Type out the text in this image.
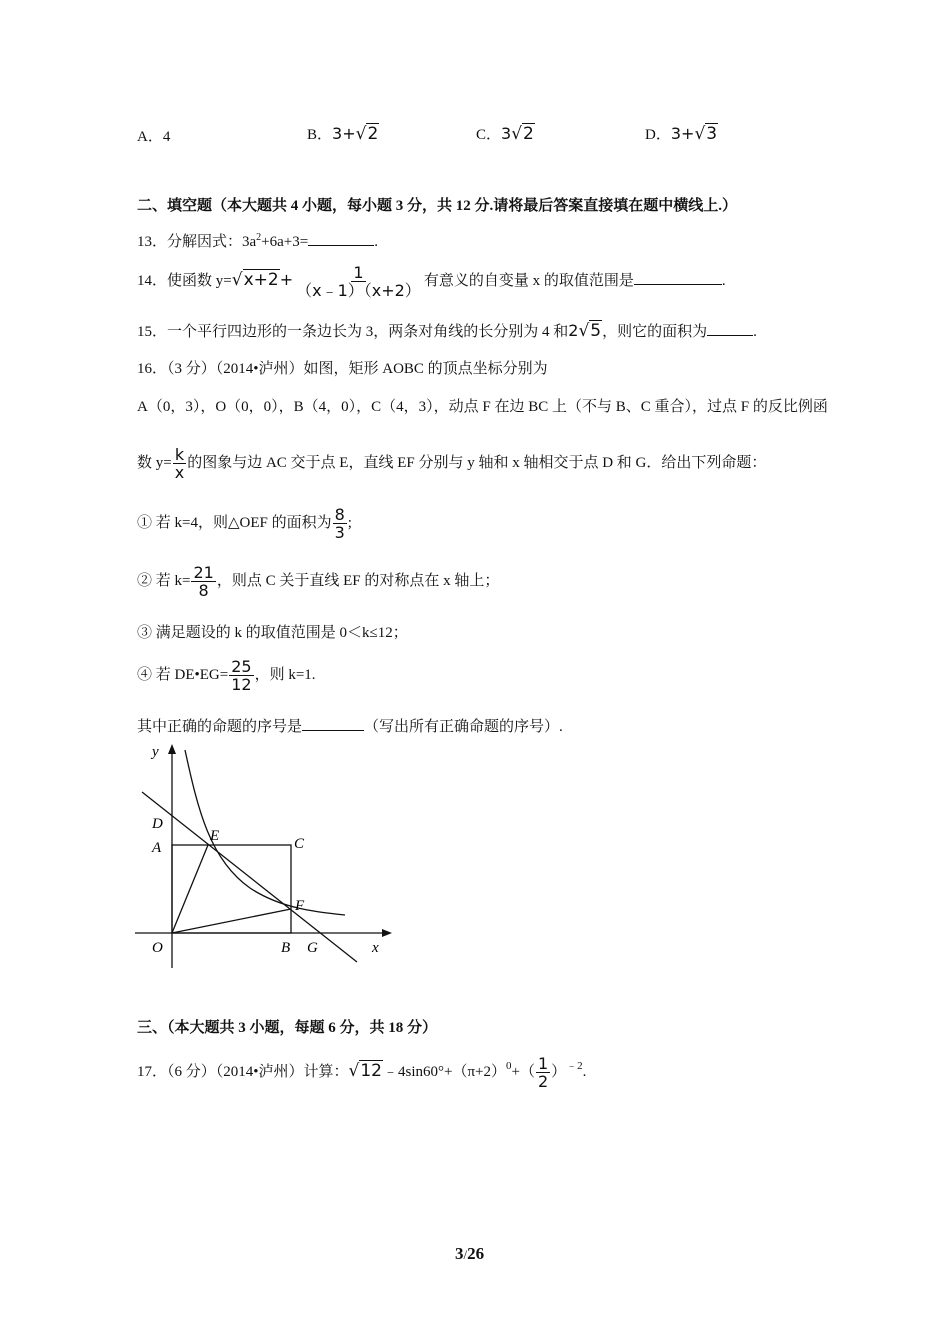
A．4	B．3+√2	C．3√2	D．3+√3
二、填空题（本大题共 4 小题，每小题 3 分，共 12 分.请将最后答案直接填在题中横线上.）
13．分解因式：$3a^2+6a+3=$	.
14．使函数 $y=√x+2+ \frac{1}{(x﹣1)(x+2)}$ 有意义的自变量 x 的取值范围是	.
15．一个平行四边形的一条边长为 3，两条对角线的长分别为 4 和2√5，则它的面积为	.
16．（3 分）（2014•泸州）如图，矩形 AOBC 的顶点坐标分别为
A（0，3），O（0，0），B（4，0），C（4，3），动点 F 在边 BC 上（不与 B、C 重合），过点 F 的反比例函
数 $y= \frac{k}{x}$ 的图象与边 AC 交于点 E，直线 EF 分别与 y 轴和 x 轴相交于点 D 和 G．给出下列命题：
① 若 k=4，则△OEF 的面积为 $\frac{8}{3}$ ;
② 若 $k= \frac{21}{8}$ ，则点 C 关于直线 EF 的对称点在 x 轴上；
③ 满足题设的 k 的取值范围是 0＜k≤12；
④ 若 DE•EG= $\frac{25}{12}$ ，则 k=1.
其中正确的命题的序号是	（写出所有正确命题的序号）.
y
x
D
A
E	C
F
O	B G
三、（本大题共 3 小题，每题 6 分，共 18 分）
17．（6 分）（2014•泸州）计算：$√12﹣4\sin 60^\circ+(\pi+2)^0+( \frac{1}{2} )^{﹣2}$.
3/26
